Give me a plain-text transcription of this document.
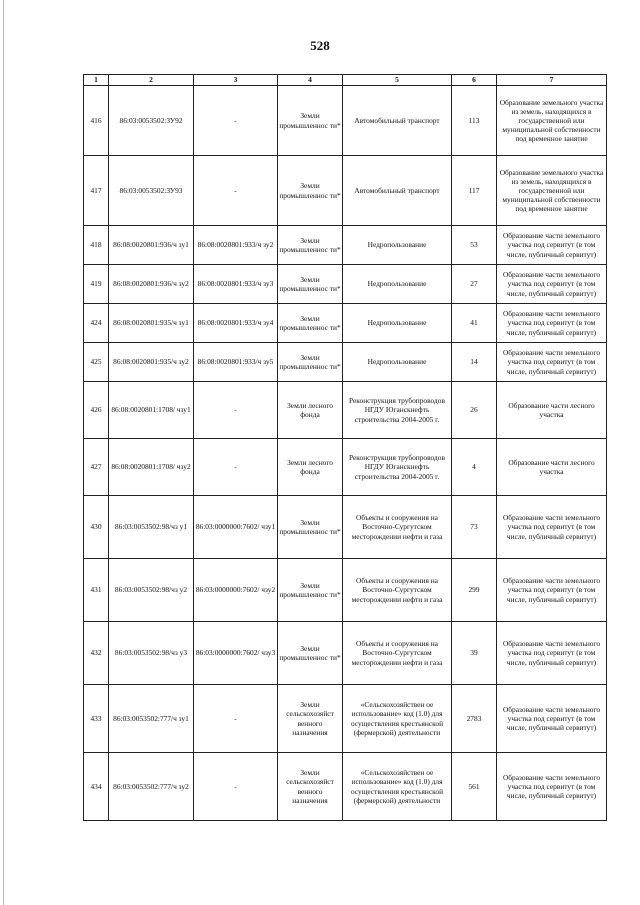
528
1	2	3	4	5	6	7
416	86:03:0053502:ЗУ92	-	Земли промышленнос ти*	Автомобильный транспорт	113	Образование земельного участка из земель, находящихся в государственной или муниципальной собственности под временное занятие
417	86:03:0053502:ЗУ93	-	Земли промышленнос ти*	Автомобильный транспорт	117	Образование земельного участка из земель, находящихся в государственной или муниципальной собственности под временное занятие
418	86:08:0020801:936/ч зу1	86:08:0020801:933/ч зу2	Земли промышленнос ти*	Недропользование	53	Образование части земельного участка под сервитут (в том числе, публичный сервитут)
419	86:08:0020801:936/ч зу2	86:08:0020801:933/ч зу3	Земли промышленнос ти*	Недропользование	27	Образование части земельного участка под сервитут (в том числе, публичный сервитут)
424	86:08:0020801:935/ч зу1	86:08:0020801:933/ч зу4	Земли промышленнос ти*	Недропользование	41	Образование части земельного участка под сервитут (в том числе, публичный сервитут)
425	86:08:0020801:935/ч зу2	86:08:0020801:933/ч зу5	Земли промышленнос ти*	Недропользование	14	Образование части земельного участка под сервитут (в том числе, публичный сервитут)
426	86:08:0020801:1708/ чзу1	-	Земли лесного фонда	Реконструкция трубопроводов НГДУ Юганскнефть строительства 2004-2005 г.	26	Образование части лесного участка
427	86:08:0020801:1708/ чзу2	-	Земли лесного фонда	Реконструкция трубопроводов НГДУ Юганскнефть строительства 2004-2005 г.	4	Образование части лесного участка
430	86:03:0053502:98/чз у1	86:03:0000000:7602/ чзу1	Земли промышленнос ти*	Объекты и сооружения на Восточно-Сургутском месторождении нефти и газа	73	Образование части земельного участка под сервитут (в том числе, публичный сервитут)
431	86:03:0053502:98/чз у2	86:03:0000000:7602/ чзу2	Земли промышленнос ти*	Объекты и сооружения на Восточно-Сургутском месторождении нефти и газа	299	Образование части земельного участка под сервитут (в том числе, публичный сервитут)
432	86:03:0053502:98/чз у3	86:03:0000000:7602/ чзу3	Земли промышленнос ти*	Объекты и сооружения на Восточно-Сургутском месторождении нефти и газа	39	Образование части земельного участка под сервитут (в том числе, публичный сервитут)
433	86:03:0053502:777/ч зу1	-	Земли сельскохозяйст венного назначения	«Сельскохозяйствен ое использование» код (1.0) для осуществления крестьянской (фермерской) деятельности	2783	Образование части земельного участка под сервитут (в том числе, публичный сервитут)
434	86:03:0053502:777/ч зу2	-	Земли сельскохозяйст венного назначения	«Сельскохозяйствен ое использование» код (1.0) для осуществления крестьянской (фермерской) деятельности	561	Образование части земельного участка под сервитут (в том числе, публичный сервитут)
